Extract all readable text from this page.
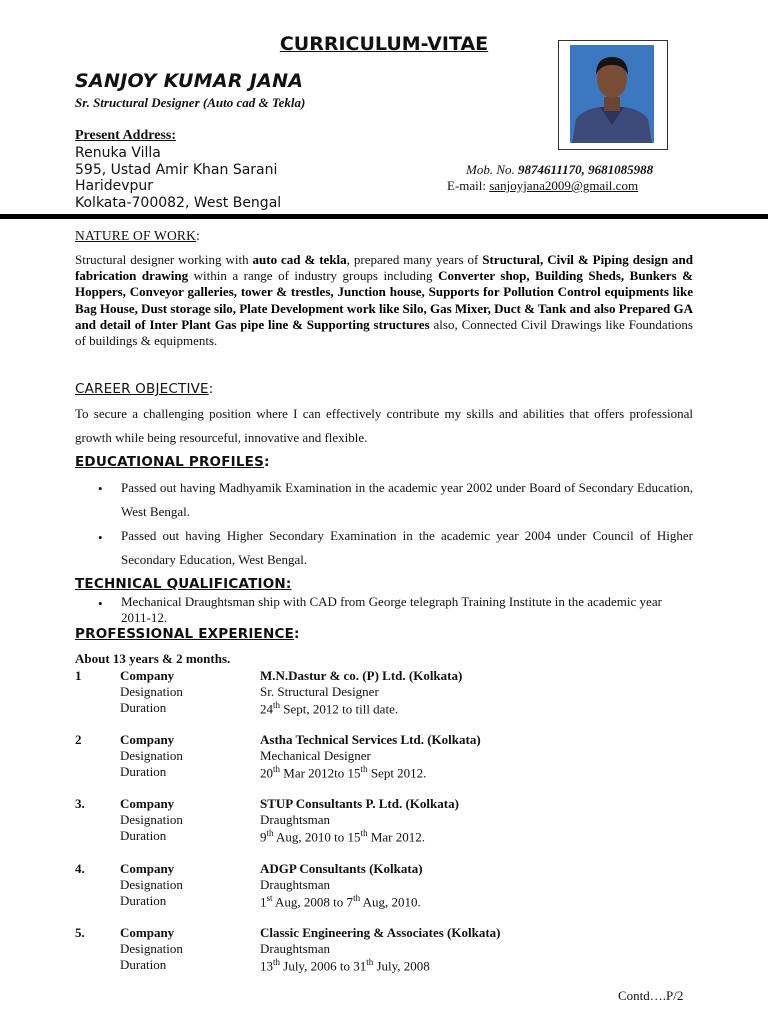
CURRICULUM-VITAE
SANJOY KUMAR JANA
Sr. Structural Designer (Auto cad & Tekla)
Present Address:
Renuka Villa
595, Ustad Amir Khan Sarani
Haridevpur
Kolkata-700082, West Bengal
Mob. No. 9874611170, 9681085988
E-mail: sanjoyjana2009@gmail.com
NATURE OF WORK:
Structural designer working with auto cad & tekla, prepared many years of Structural, Civil & Piping design and fabrication drawing within a range of industry groups including Converter shop, Building Sheds, Bunkers & Hoppers, Conveyor galleries, tower & trestles, Junction house, Supports for Pollution Control equipments like Bag House, Dust storage silo, Plate Development work like Silo, Gas Mixer, Duct & Tank and also Prepared GA and detail of Inter Plant Gas pipe line & Supporting structures also, Connected Civil Drawings like Foundations of buildings & equipments.
CAREER OBJECTIVE:
To secure a challenging position where I can effectively contribute my skills and abilities that offers professional growth while being resourceful, innovative and flexible.
EDUCATIONAL PROFILES:
• Passed out having Madhyamik Examination in the academic year 2002 under Board of Secondary Education, West Bengal.
• Passed out having Higher Secondary Examination in the academic year 2004 under Council of Higher Secondary Education, West Bengal.
TECHNICAL QUALIFICATION:
• Mechanical Draughtsman ship with CAD from George telegraph Training Institute in the academic year 2011-12.
PROFESSIONAL EXPERIENCE:
About 13 years & 2 months.
1	Company	M.N.Dastur & co. (P) Ltd. (Kolkata)
Designation	Sr. Structural Designer
Duration	24th Sept, 2012 to till date.
2	Company	Astha Technical Services Ltd. (Kolkata)
Designation	Mechanical Designer
Duration	20th Mar 2012to 15th Sept 2012.
3.	Company	STUP Consultants P. Ltd. (Kolkata)
Designation	Draughtsman
Duration	9th Aug, 2010 to 15th Mar 2012.
4.	Company	ADGP Consultants (Kolkata)
Designation	Draughtsman
Duration	1st Aug, 2008 to 7th Aug, 2010.
5.	Company	Classic Engineering & Associates (Kolkata)
Designation	Draughtsman
Duration	13th July, 2006 to 31th July, 2008
Contd….P/2
